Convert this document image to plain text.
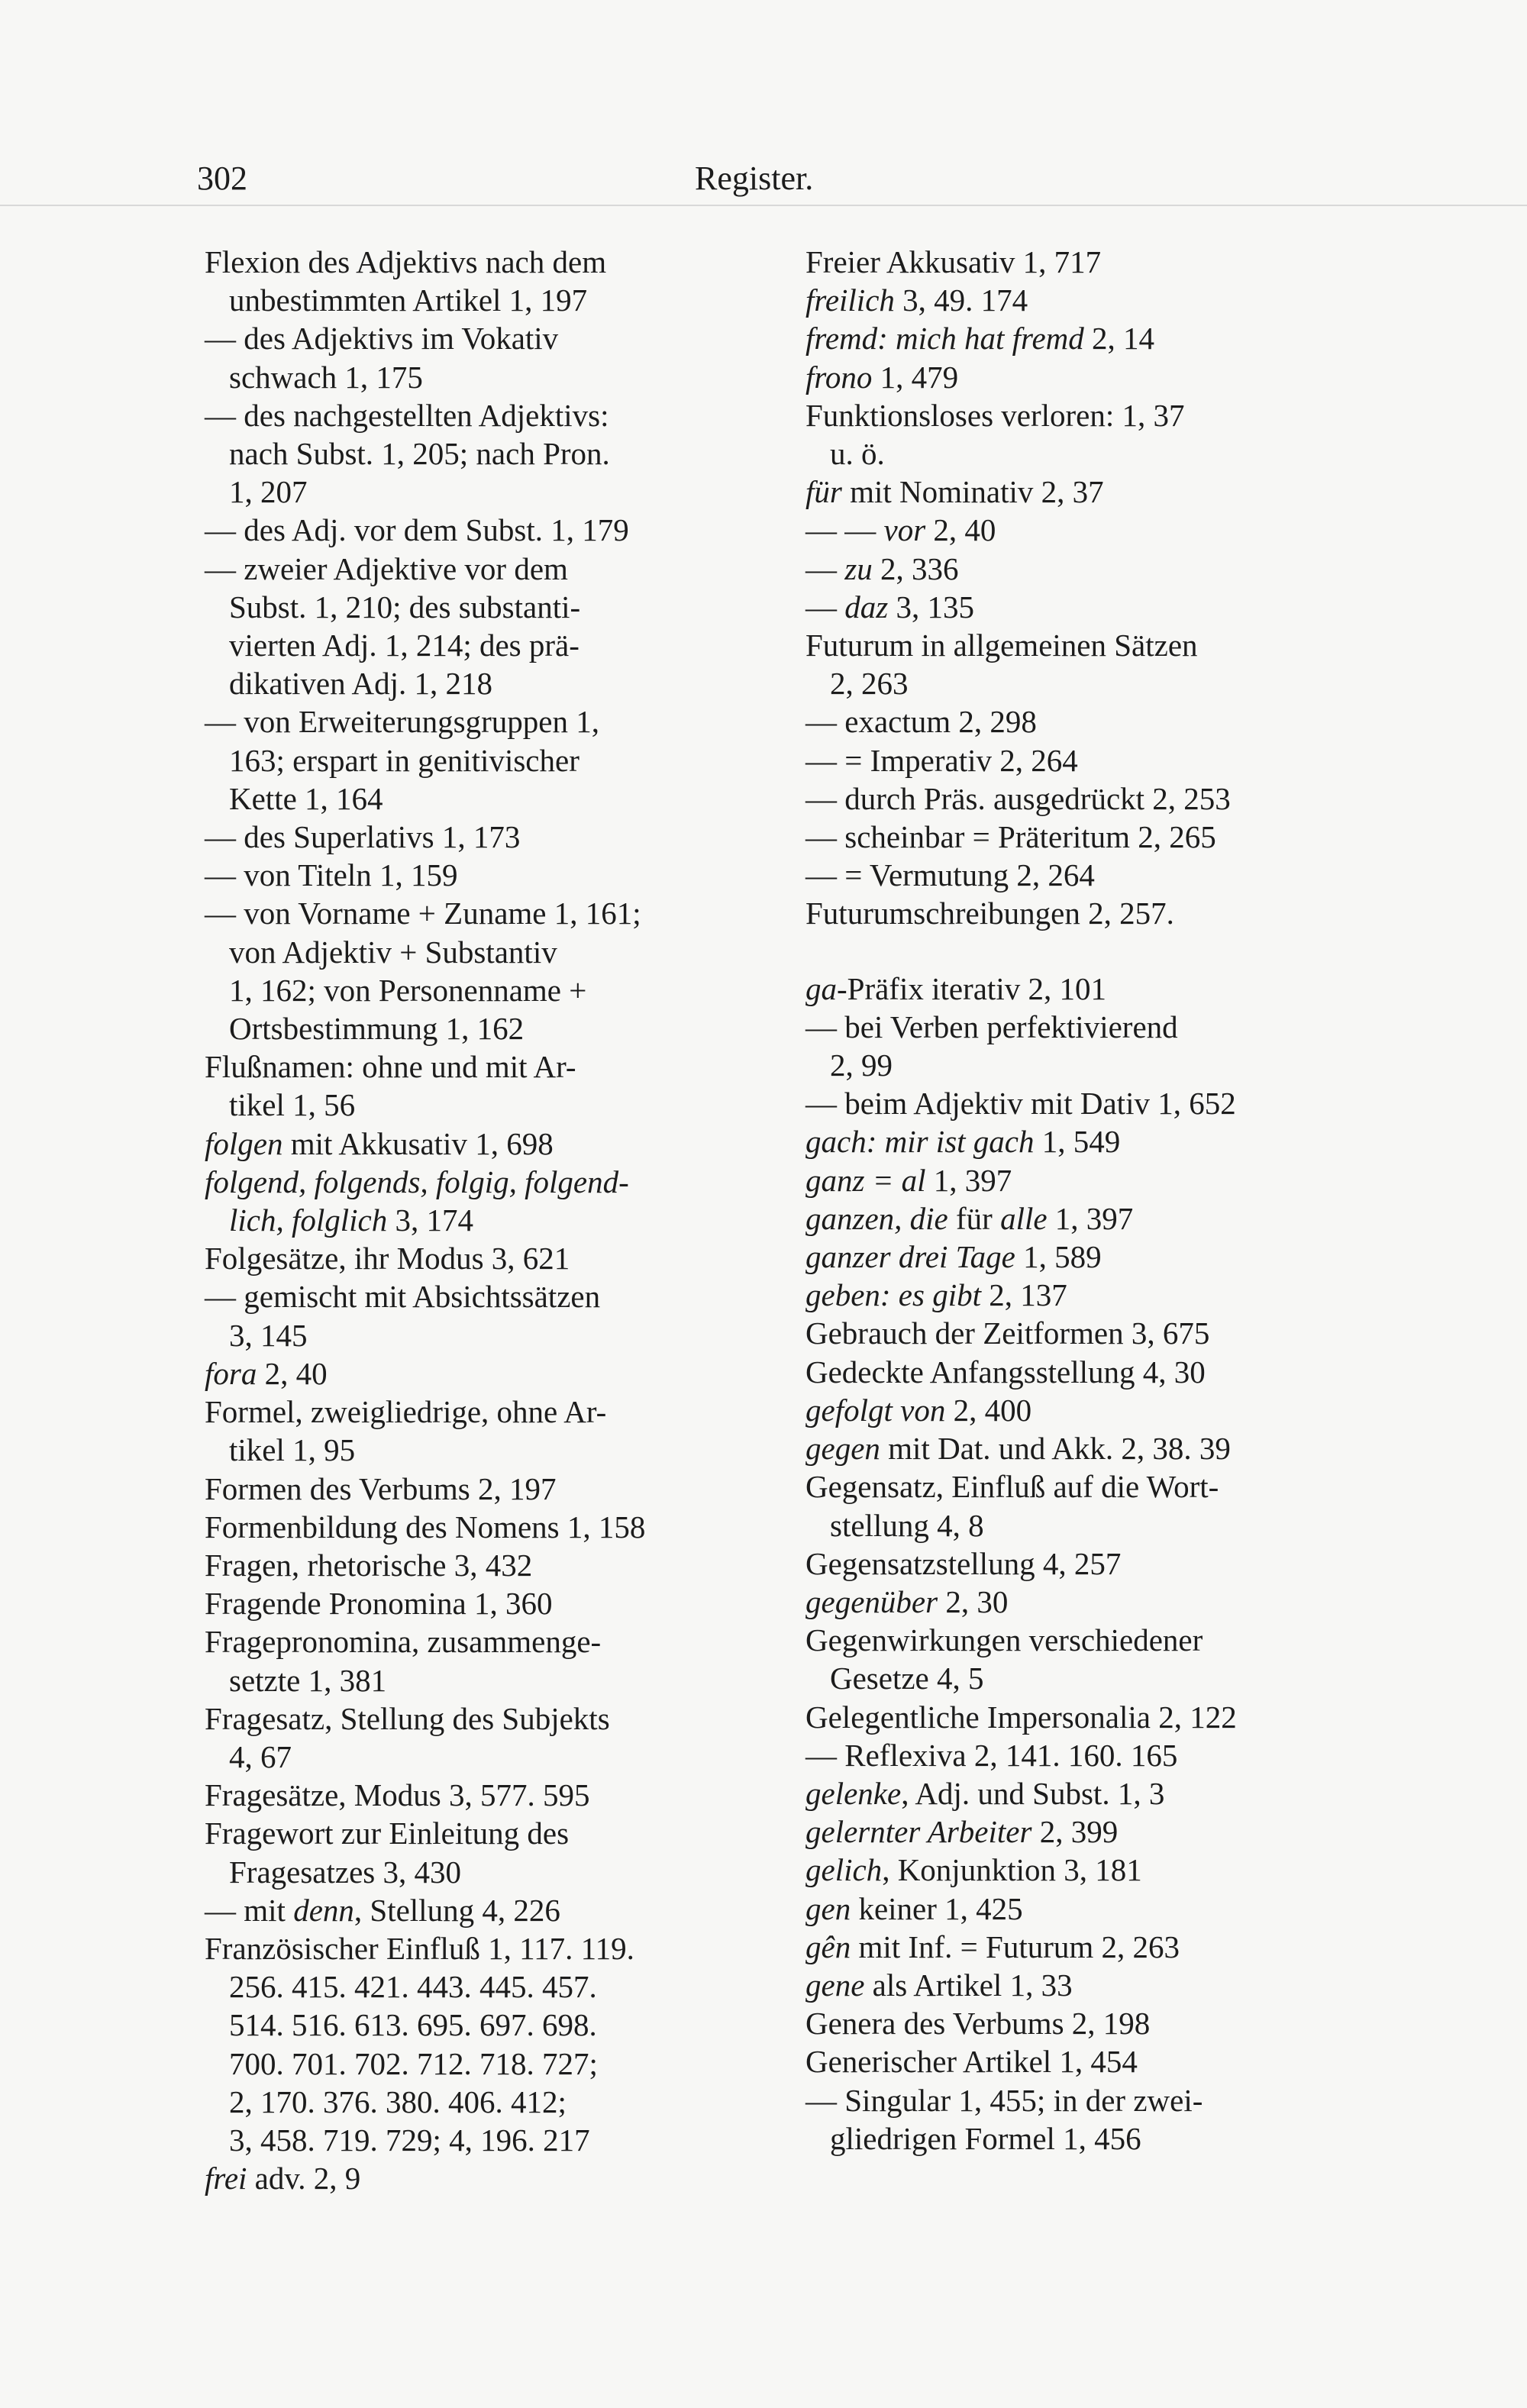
302	Register.
Flexion des Adjektivs nach dem
unbestimmten Artikel 1, 197
— des Adjektivs im Vokativ
schwach 1, 175
— des nachgestellten Adjektivs:
nach Subst. 1, 205; nach Pron.
1, 207
— des Adj. vor dem Subst. 1, 179
— zweier Adjektive vor dem
Subst. 1, 210; des substanti-
vierten Adj. 1, 214; des prä-
dikativen Adj. 1, 218
— von Erweiterungsgruppen 1,
163; erspart in genitivischer
Kette 1, 164
— des Superlativs 1, 173
— von Titeln 1, 159
— von Vorname + Zuname 1, 161;
von Adjektiv + Substantiv
1, 162; von Personenname +
Ortsbestimmung 1, 162
Flußnamen: ohne und mit Ar-
tikel 1, 56
folgen mit Akkusativ 1, 698
folgend, folgends, folgig, folgend-
lich, folglich 3, 174
Folgesätze, ihr Modus 3, 621
— gemischt mit Absichtssätzen
3, 145
fora 2, 40
Formel, zweigliedrige, ohne Ar-
tikel 1, 95
Formen des Verbums 2, 197
Formenbildung des Nomens 1, 158
Fragen, rhetorische 3, 432
Fragende Pronomina 1, 360
Fragepronomina, zusammenge-
setzte 1, 381
Fragesatz, Stellung des Subjekts
4, 67
Fragesätze, Modus 3, 577. 595
Fragewort zur Einleitung des
Fragesatzes 3, 430
— mit denn, Stellung 4, 226
Französischer Einfluß 1, 117. 119.
256. 415. 421. 443. 445. 457.
514. 516. 613. 695. 697. 698.
700. 701. 702. 712. 718. 727;
2, 170. 376. 380. 406. 412;
3, 458. 719. 729; 4, 196. 217
frei adv. 2, 9
Freier Akkusativ 1, 717
freilich 3, 49. 174
fremd: mich hat fremd 2, 14
frono 1, 479
Funktionsloses verloren: 1, 37
u. ö.
für mit Nominativ 2, 37
— — vor 2, 40
— zu 2, 336
— daz 3, 135
Futurum in allgemeinen Sätzen
2, 263
— exactum 2, 298
— = Imperativ 2, 264
— durch Präs. ausgedrückt 2, 253
— scheinbar = Präteritum 2, 265
— = Vermutung 2, 264
Futurumschreibungen 2, 257.
ga-Präfix iterativ 2, 101
— bei Verben perfektivierend
2, 99
— beim Adjektiv mit Dativ 1, 652
gach: mir ist gach 1, 549
ganz = al 1, 397
ganzen, die für alle 1, 397
ganzer drei Tage 1, 589
geben: es gibt 2, 137
Gebrauch der Zeitformen 3, 675
Gedeckte Anfangsstellung 4, 30
gefolgt von 2, 400
gegen mit Dat. und Akk. 2, 38. 39
Gegensatz, Einfluß auf die Wort-
stellung 4, 8
Gegensatzstellung 4, 257
gegenüber 2, 30
Gegenwirkungen verschiedener
Gesetze 4, 5
Gelegentliche Impersonalia 2, 122
— Reflexiva 2, 141. 160. 165
gelenke, Adj. und Subst. 1, 3
gelernter Arbeiter 2, 399
gelich, Konjunktion 3, 181
gen keiner 1, 425
gên mit Inf. = Futurum 2, 263
gene als Artikel 1, 33
Genera des Verbums 2, 198
Generischer Artikel 1, 454
— Singular 1, 455; in der zwei-
gliedrigen Formel 1, 456
